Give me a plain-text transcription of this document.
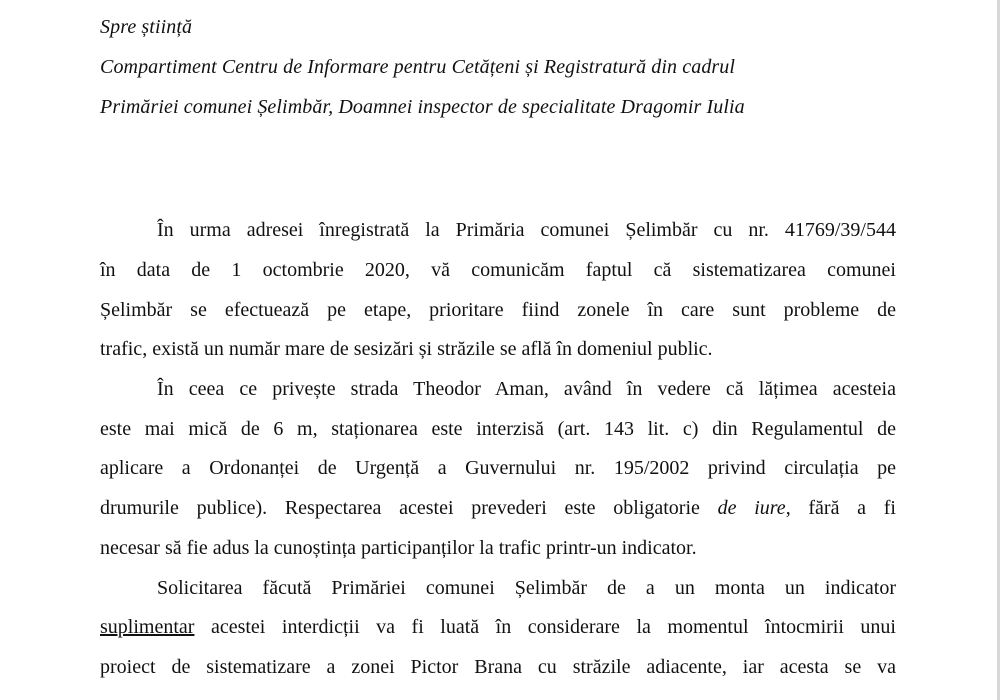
Spre știință
Compartiment Centru de Informare pentru Cetățeni și Registratură din cadrul
Primăriei comunei Șelimbăr, Doamnei inspector de specialitate Dragomir Iulia
În urma adresei înregistrată la Primăria comunei Șelimbăr cu nr. 41769/39/544
în data de 1 octombrie 2020, vă comunicăm faptul că sistematizarea comunei
Șelimbăr se efectuează pe etape, prioritare fiind zonele în care sunt probleme de
trafic, există un număr mare de sesizări și străzile se află în domeniul public.
În ceea ce privește strada Theodor Aman, având în vedere că lățimea acesteia
este mai mică de 6 m, staționarea este interzisă (art. 143 lit. c) din Regulamentul de
aplicare a Ordonanței de Urgență a Guvernului nr. 195/2002 privind circulația pe
drumurile publice). Respectarea acestei prevederi este obligatorie de iure, fără a fi
necesar să fie adus la cunoștința participanților la trafic printr-un indicator.
Solicitarea făcută Primăriei comunei Șelimbăr de a un monta un indicator
suplimentar acestei interdicții va fi luată în considerare la momentul întocmirii unui
proiect de sistematizare a zonei Pictor Brana cu străzile adiacente, iar acesta se va
